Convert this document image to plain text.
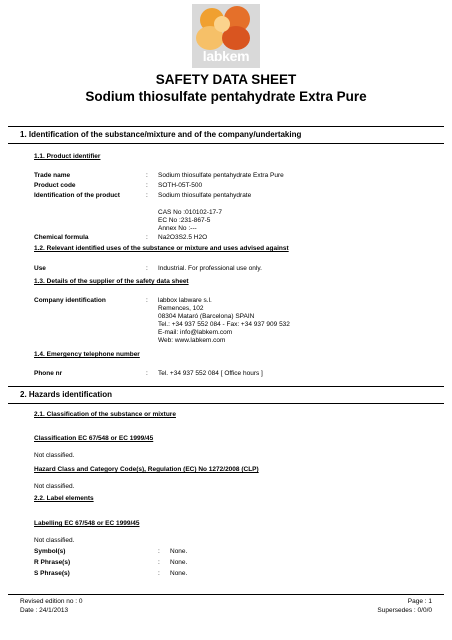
labkem
SAFETY DATA SHEET
Sodium thiosulfate pentahydrate Extra Pure
1. Identification of the substance/mixture and of the company/undertaking
1.1. Product identifier
Trade name	: Sodium thiosulfate pentahydrate Extra Pure
Product code	: SOTH-05T-500
Identification of the product	: Sodium thiosulfate pentahydrate
CAS No :010102-17-7
EC No :231-867-5
Annex No :---
Chemical formula	: Na2O3S2.5 H2O
1.2. Relevant identified uses of the substance or mixture and uses advised against
Use	: Industrial. For professional use only.
1.3. Details of the supplier of the safety data sheet
Company identification	: labbox labware s.l.
Remences, 102
08304 Mataró (Barcelona) SPAIN
Tel.: +34 937 552 084 - Fax: +34 937 909 532
E-mail: info@labkem.com
Web: www.labkem.com
1.4. Emergency telephone number
Phone nr	: Tel. +34 937 552 084 [ Office hours ]
2. Hazards identification
2.1. Classification of the substance or mixture
Classification EC 67/548 or EC 1999/45
Not classified.
Hazard Class and Category Code(s), Regulation (EC) No 1272/2008 (CLP)
Not classified.
2.2. Label elements
Labelling EC 67/548 or EC 1999/45
Not classified.
Symbol(s)	: None.
R Phrase(s)	: None.
S Phrase(s)	: None.
Revised edition no : 0
Date : 24/1/2013
Page : 1
Supersedes : 0/0/0
